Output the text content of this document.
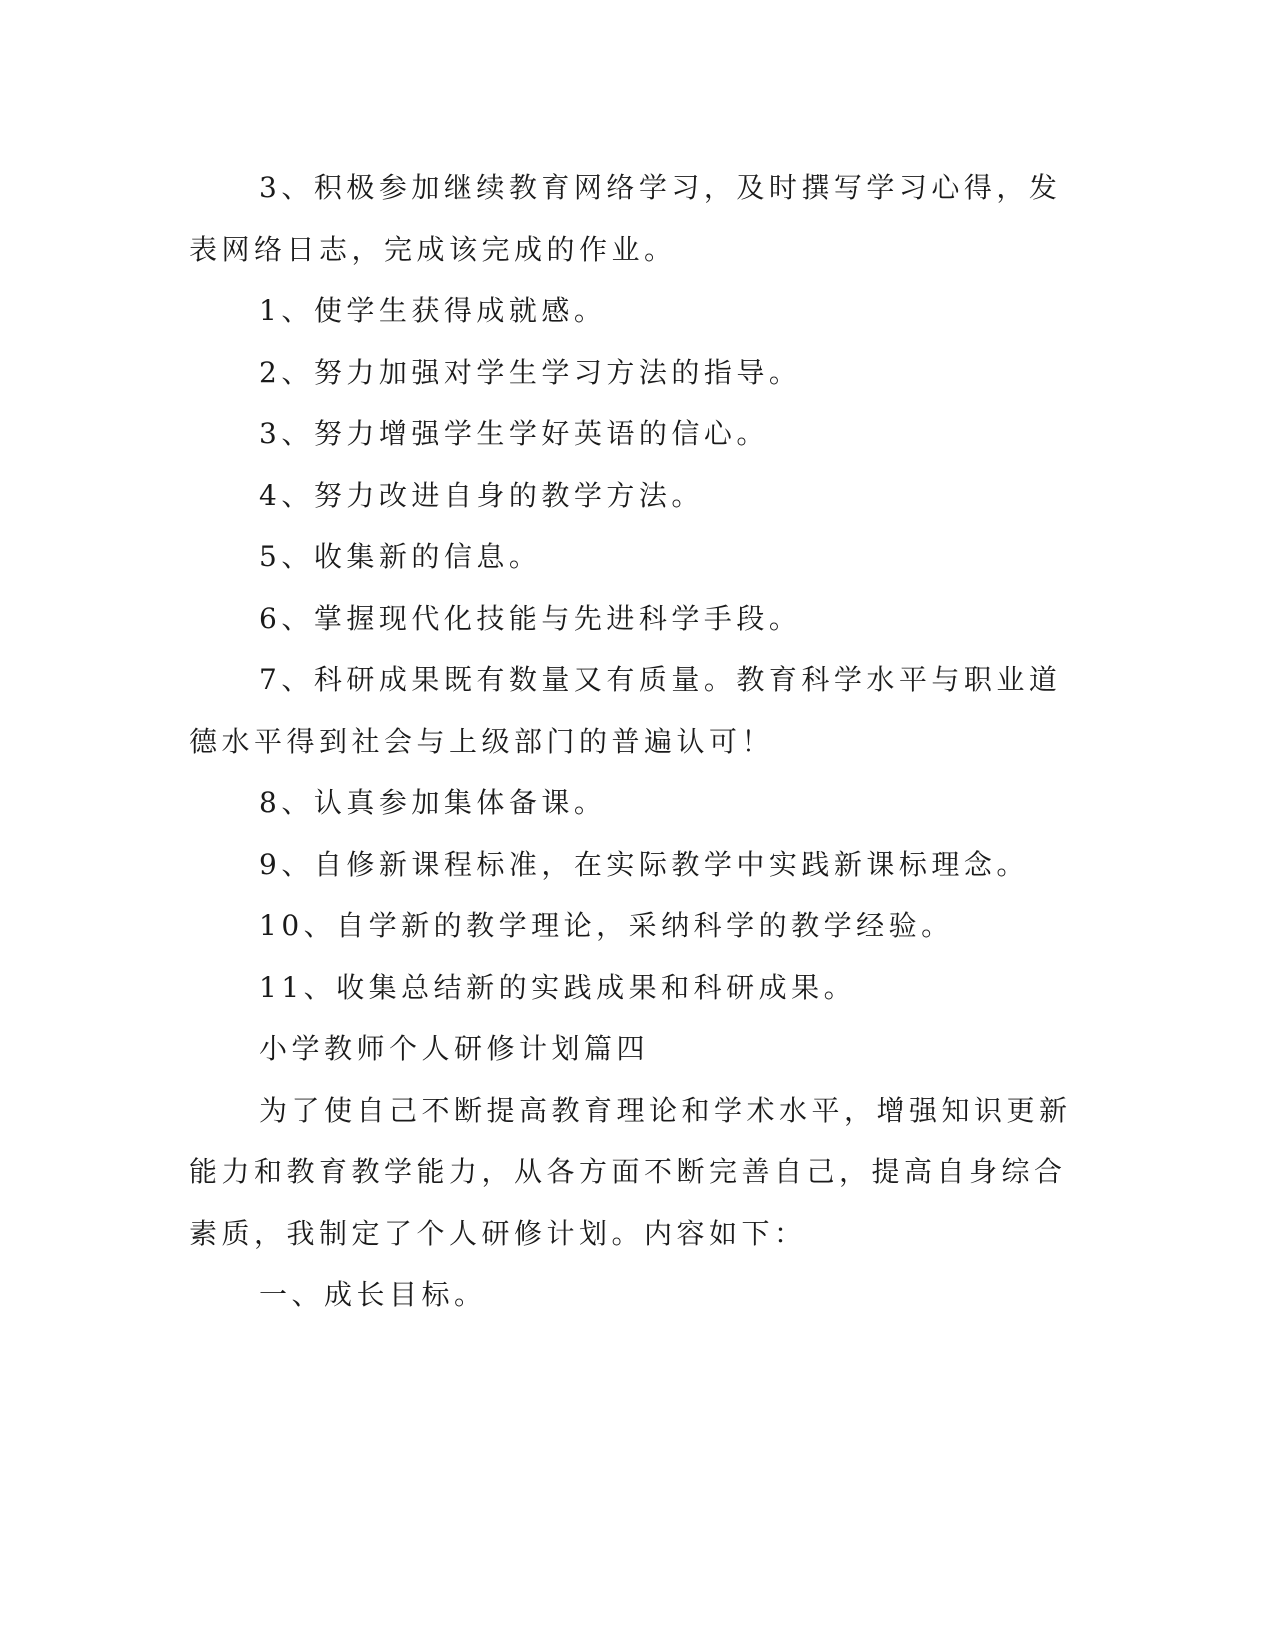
3、积极参加继续教育网络学习，及时撰写学习心得，发表网络日志，完成该完成的作业。

1、使学生获得成就感。

2、努力加强对学生学习方法的指导。

3、努力增强学生学好英语的信心。

4、努力改进自身的教学方法。

5、收集新的信息。

6、掌握现代化技能与先进科学手段。

7、科研成果既有数量又有质量。教育科学水平与职业道德水平得到社会与上级部门的普遍认可！

8、认真参加集体备课。

9、自修新课程标准，在实际教学中实践新课标理念。

10、自学新的教学理论，采纳科学的教学经验。

11、收集总结新的实践成果和科研成果。

小学教师个人研修计划篇四

为了使自己不断提高教育理论和学术水平，增强知识更新能力和教育教学能力，从各方面不断完善自己，提高自身综合素质，我制定了个人研修计划。内容如下：

一、成长目标。
